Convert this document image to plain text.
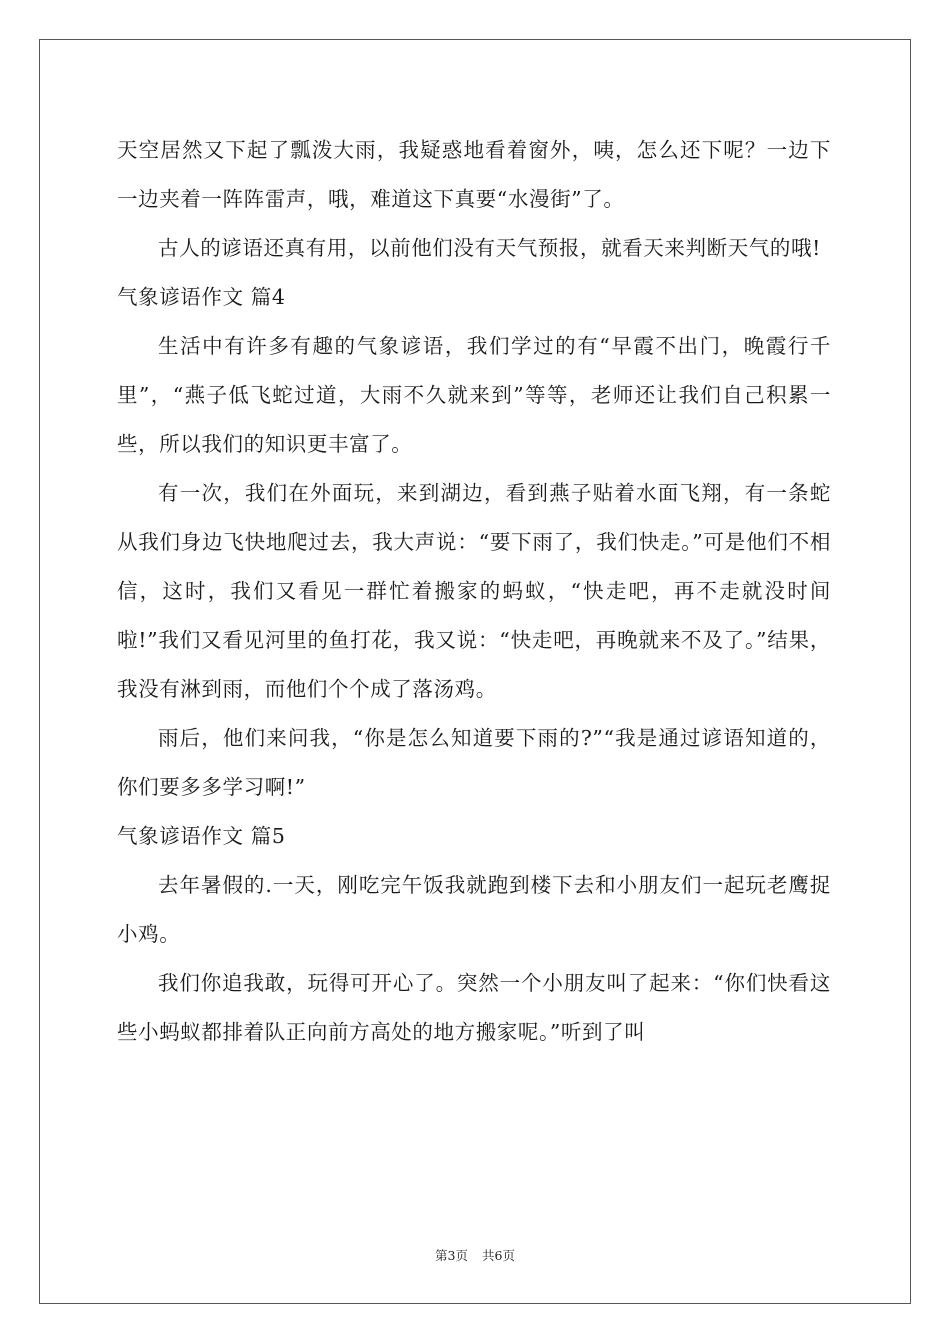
天空居然又下起了瓢泼大雨，我疑惑地看着窗外，咦，怎么还下呢？一边下一边夹着一阵阵雷声，哦，难道这下真要“水漫街”了。

古人的谚语还真有用，以前他们没有天气预报，就看天来判断天气的哦!

气象谚语作文 篇4

生活中有许多有趣的气象谚语，我们学过的有“早霞不出门，晚霞行千里”，“燕子低飞蛇过道，大雨不久就来到”等等，老师还让我们自己积累一些，所以我们的知识更丰富了。

有一次，我们在外面玩，来到湖边，看到燕子贴着水面飞翔，有一条蛇从我们身边飞快地爬过去，我大声说：“要下雨了，我们快走。”可是他们不相信，这时，我们又看见一群忙着搬家的蚂蚁，“快走吧，再不走就没时间啦!”我们又看见河里的鱼打花，我又说：“快走吧，再晚就来不及了。”结果，我没有淋到雨，而他们个个成了落汤鸡。

雨后，他们来问我，“你是怎么知道要下雨的?”“我是通过谚语知道的，你们要多多学习啊!”

气象谚语作文 篇5

去年暑假的.一天，刚吃完午饭我就跑到楼下去和小朋友们一起玩老鹰捉小鸡。

我们你追我敢，玩得可开心了。突然一个小朋友叫了起来：“你们快看这些小蚂蚁都排着队正向前方高处的地方搬家呢。”听到了叫

第3页 共6页
